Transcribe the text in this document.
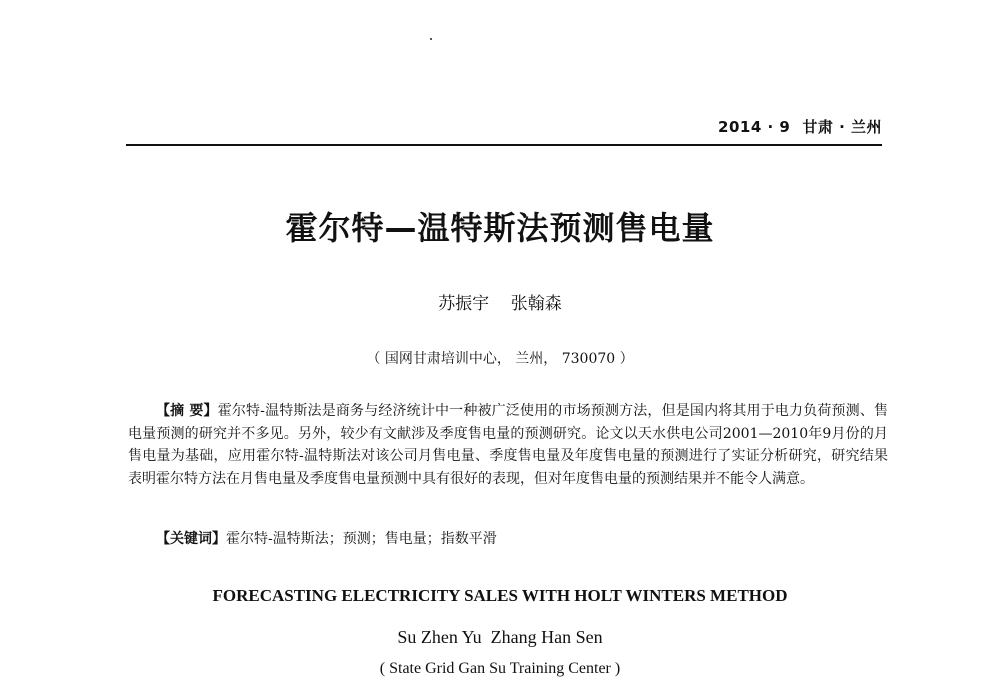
2014 · 9 甘肃 · 兰州
霍尔特—温特斯法预测售电量
苏振宇    张翰森
（ 国网甘肃培训中心， 兰州， 730070 ）

【摘 要】霍尔特-温特斯法是商务与经济统计中一种被广泛使用的市场预测方法，但是国内将其用于电力负荷预测、售电量预测的研究并不多见。另外，较少有文献涉及季度售电量的预测研究。论文以天水供电公司2001—2010年9月份的月售电量为基础，应用霍尔特-温特斯法对该公司月售电量、季度售电量及年度售电量的预测进行了实证分析研究，研究结果表明霍尔特方法在月售电量及季度售电量预测中具有很好的表现，但对年度售电量的预测结果并不能令人满意。

【关键词】霍尔特-温特斯法；预测；售电量；指数平滑
FORECASTING ELECTRICITY SALES WITH HOLT WINTERS METHOD
Su Zhen Yu  Zhang Han Sen
( State Grid Gan Su Training Center )
